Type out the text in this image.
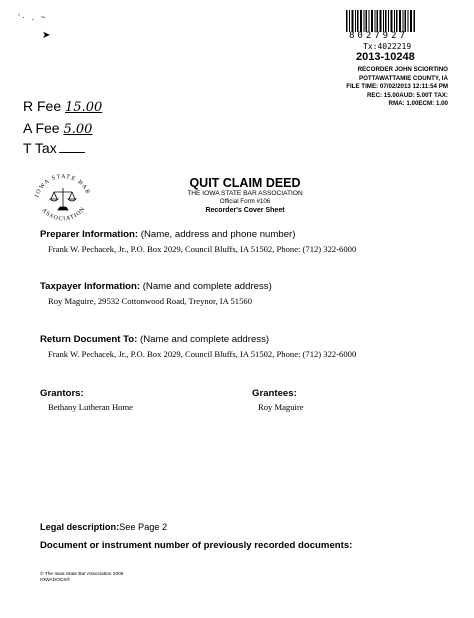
‘· . ~
➤	8027927
Tx:4022219
2013-10248
RECORDER JOHN SCIORTINO
POTTAWATTAMIE COUNTY, IA
FILE TIME: 07/02/2013 12:11:54 PM
REC: 15.00AUD: 5.00T TAX:
RMA: 1.00ECM: 1.00
R Fee 15.00
A Fee 5.00
T Tax
IOWA STATE BAR
ASSOCIATION
QUIT CLAIM DEED
THE IOWA STATE BAR ASSOCIATION
Official Form #106
Recorder's Cover Sheet
Preparer Information: (Name, address and phone number)
Frank W. Pechacek, Jr., P.O. Box 2029, Council Bluffs, IA 51502, Phone: (712) 322-6000
Taxpayer Information: (Name and complete address)
Roy Maguire, 29532 Cottonwood Road, Treynor, IA 51560
Return Document To: (Name and complete address)
Frank W. Pechacek, Jr., P.O. Box 2029, Council Bluffs, IA 51502, Phone: (712) 322-6000
Grantors:
Bethany Lutheran Home
Grantees:
Roy Maguire
Legal description:See Page 2
Document or instrument number of previously recorded documents:
© The Iowa State Bar Association 2005
IOWADOCS®
